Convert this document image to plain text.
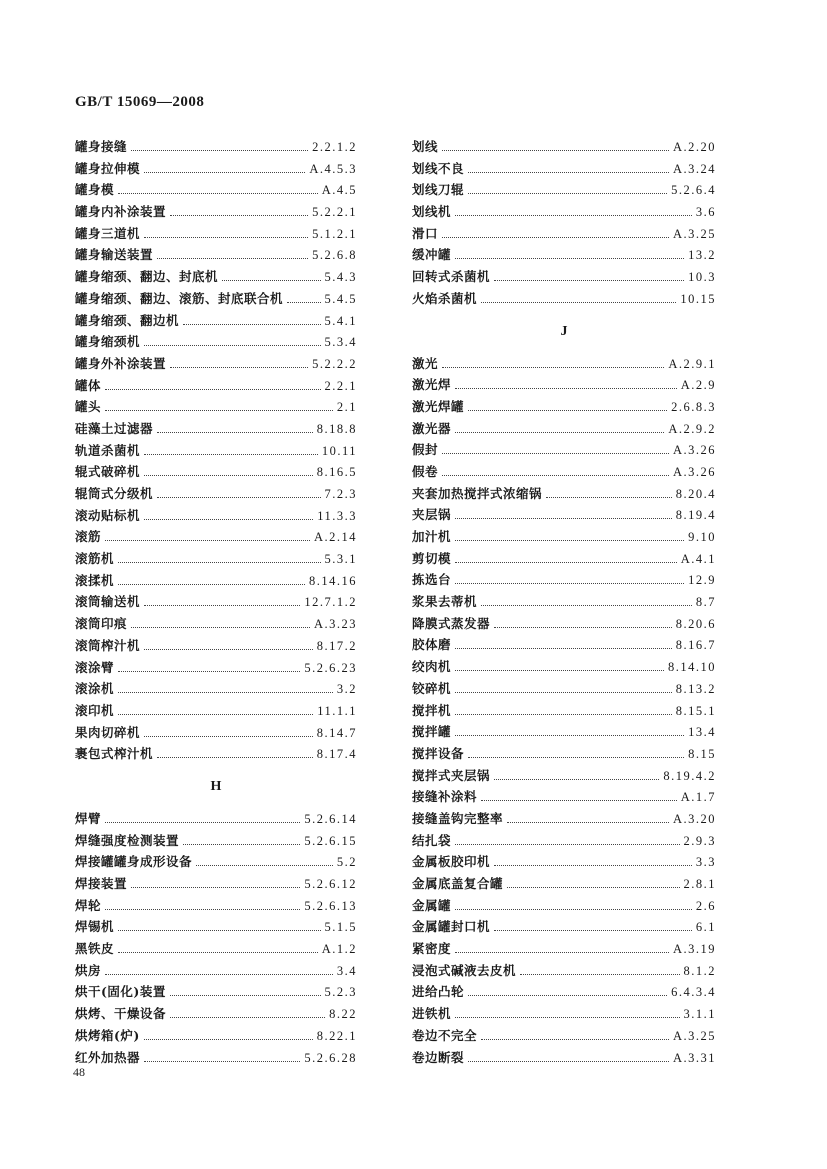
GB/T 15069—2008
罐身接缝	2.2.1.2
罐身拉伸模	A.4.5.3
罐身模	A.4.5
罐身内补涂装置	5.2.2.1
罐身三道机	5.1.2.1
罐身输送装置	5.2.6.8
罐身缩颈、翻边、封底机	5.4.3
罐身缩颈、翻边、滚筋、封底联合机	5.4.5
罐身缩颈、翻边机	5.4.1
罐身缩颈机	5.3.4
罐身外补涂装置	5.2.2.2
罐体	2.2.1
罐头	2.1
硅藻土过滤器	8.18.8
轨道杀菌机	10.11
辊式破碎机	8.16.5
辊筒式分级机	7.2.3
滚动贴标机	11.3.3
滚筋	A.2.14
滚筋机	5.3.1
滚揉机	8.14.16
滚筒输送机	12.7.1.2
滚筒印痕	A.3.23
滚筒榨汁机	8.17.2
滚涂臂	5.2.6.23
滚涂机	3.2
滚印机	11.1.1
果肉切碎机	8.14.7
裹包式榨汁机	8.17.4
H
焊臂	5.2.6.14
焊缝强度检测装置	5.2.6.15
焊接罐罐身成形设备	5.2
焊接装置	5.2.6.12
焊轮	5.2.6.13
焊锡机	5.1.5
黑铁皮	A.1.2
烘房	3.4
烘干(固化)装置	5.2.3
烘烤、干燥设备	8.22
烘烤箱(炉)	8.22.1
红外加热器	5.2.6.28
划线	A.2.20
划线不良	A.3.24
划线刀辊	5.2.6.4
划线机	3.6
滑口	A.3.25
缓冲罐	13.2
回转式杀菌机	10.3
火焰杀菌机	10.15
J
激光	A.2.9.1
激光焊	A.2.9
激光焊罐	2.6.8.3
激光器	A.2.9.2
假封	A.3.26
假卷	A.3.26
夹套加热搅拌式浓缩锅	8.20.4
夹层锅	8.19.4
加汁机	9.10
剪切模	A.4.1
拣选台	12.9
浆果去蒂机	8.7
降膜式蒸发器	8.20.6
胶体磨	8.16.7
绞肉机	8.14.10
铰碎机	8.13.2
搅拌机	8.15.1
搅拌罐	13.4
搅拌设备	8.15
搅拌式夹层锅	8.19.4.2
接缝补涂料	A.1.7
接缝盖钩完整率	A.3.20
结扎袋	2.9.3
金属板胶印机	3.3
金属底盖复合罐	2.8.1
金属罐	2.6
金属罐封口机	6.1
紧密度	A.3.19
浸泡式碱液去皮机	8.1.2
进给凸轮	6.4.3.4
进铁机	3.1.1
卷边不完全	A.3.25
卷边断裂	A.3.31
48
